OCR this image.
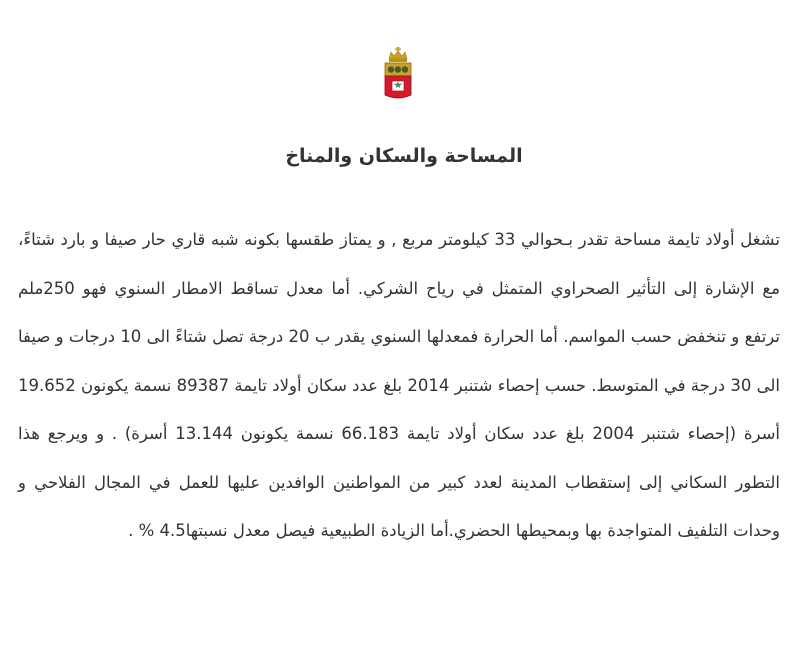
المساحة والسكان والمناخ

تشغل أولاد تايمة مساحة تقدر بـحوالي 33 كيلومتر مربع , و يمتاز طقسها بكونه شبه قاري حار صيفا و بارد شتاءً، مع الإشارة إلى التأثير الصحراوي المتمثل في رياح الشركي. أما معدل تساقط الامطار السنوي فهو 250ملم ترتفع و تنخفض حسب المواسم. أما الحرارة فمعدلها السنوي يقدر ب 20 درجة تصل شتاءً الى 10 درجات و صيفا الى 30 درجة في المتوسط. حسب إحصاء شتنبر 2014 بلغ عدد سكان أولاد تايمة 89387 نسمة يكونون 19.652 أسرة (إحصاء شتنبر 2004 بلغ عدد سكان أولاد تايمة 66.183 نسمة يكونون 13.144 أسرة) . و ويرجع هذا التطور السكاني إلى إستقطاب المدينة لعدد كبير من المواطنين الوافدين عليها للعمل في المجال الفلاحي و وحدات التلفيف المتواجدة بها وبمحيطها الحضري.أما الزيادة الطبيعية فيصل معدل نسبتها4.5 % .
